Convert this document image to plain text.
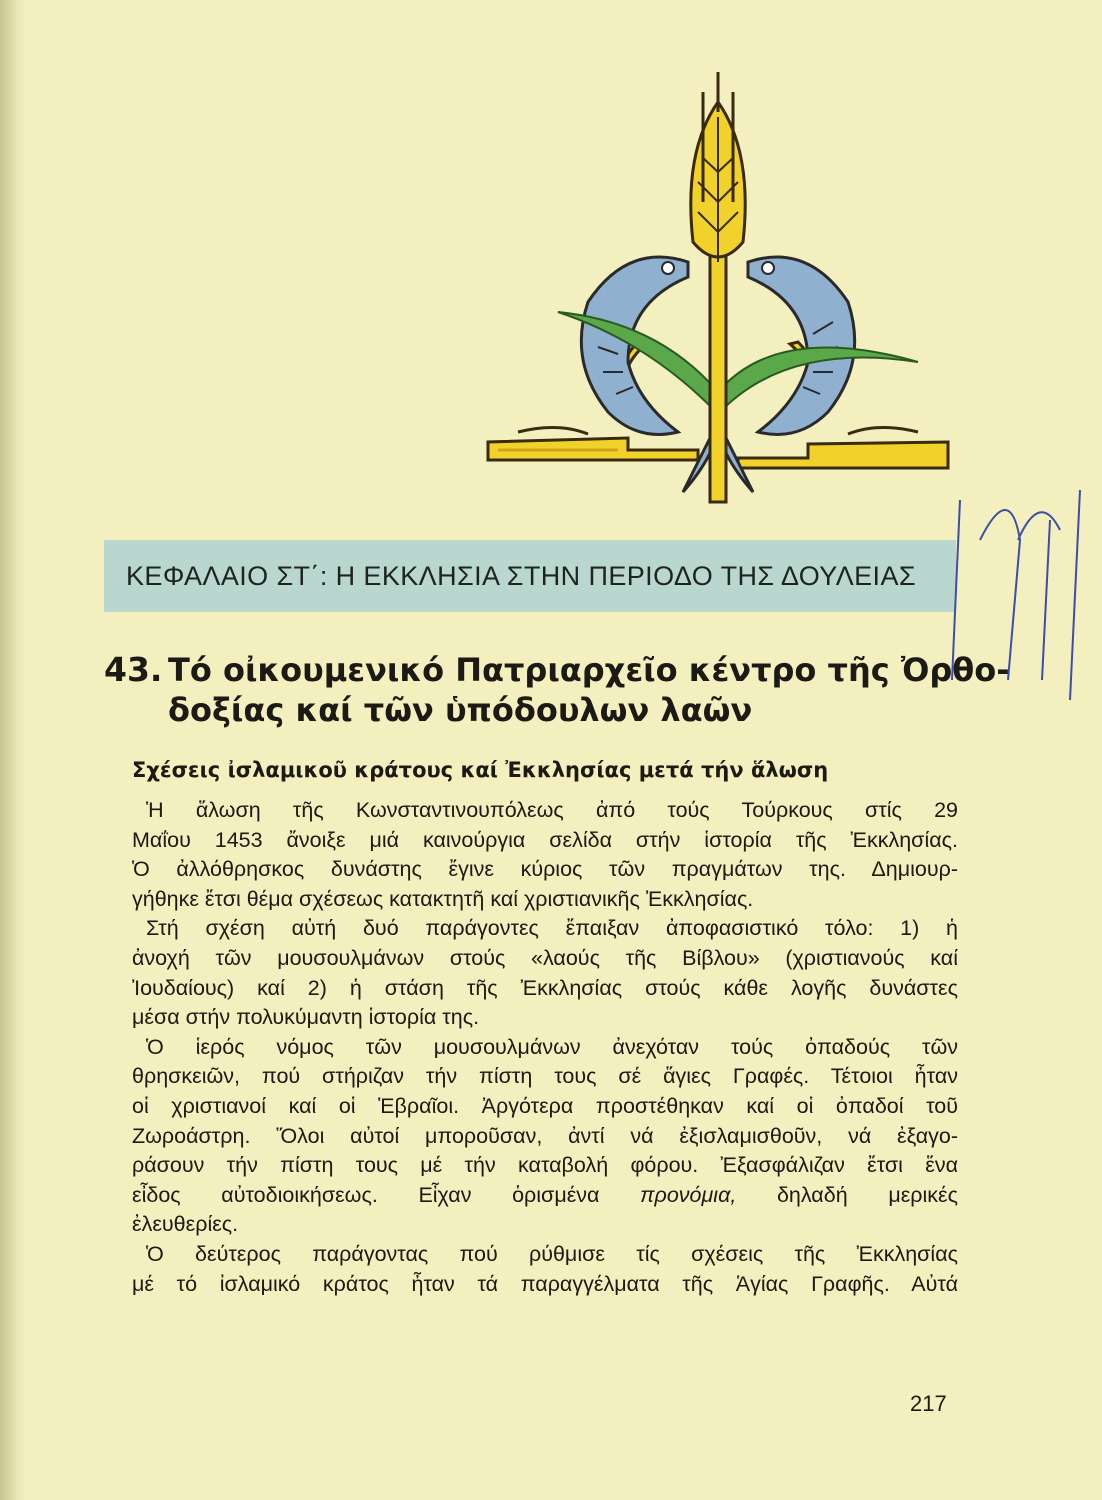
ΚΕΦΑΛΑΙΟ ΣΤ΄: Η ΕΚΚΛΗΣΙΑ ΣΤΗΝ ΠΕΡΙΟΔΟ ΤΗΣ ΔΟΥΛΕΙΑΣ
43. Τό οἰκουμενικό Πατριαρχεῖο κέντρο τῆς Ὀρθο-
δοξίας καί τῶν ὑπόδουλων λαῶν
Σχέσεις ἰσλαμικοῦ κράτους καί Ἐκκλησίας μετά τήν ἅλωση
Ἡ ἅλωση τῆς Κωνσταντινουπόλεως ἀπό τούς Τούρκους στίς 29
Μαΐου 1453 ἄνοιξε μιά καινούργια σελίδα στήν ἱστορία τῆς Ἐκκλησίας.
Ὁ ἀλλόθρησκος δυνάστης ἔγινε κύριος τῶν πραγμάτων της. Δημιουρ-
γήθηκε ἔτσι θέμα σχέσεως κατακτητῆ καί χριστιανικῆς Ἐκκλησίας.
Στή σχέση αὐτή δυό παράγοντες ἔπαιξαν ἀποφασιστικό τόλο: 1) ἡ
ἀνοχή τῶν μουσουλμάνων στούς «λαούς τῆς Βίβλου» (χριστιανούς καί
Ἰουδαίους) καί 2) ἡ στάση τῆς Ἐκκλησίας στούς κάθε λογῆς δυνάστες
μέσα στήν πολυκύμαντη ἱστορία της.
Ὁ ἱερός νόμος τῶν μουσουλμάνων ἀνεχόταν τούς ὀπαδούς τῶν
θρησκειῶν, πού στήριζαν τήν πίστη τους σέ ἅγιες Γραφές. Τέτοιοι ἦταν
οἱ χριστιανοί καί οἱ Ἑβραῖοι. Ἀργότερα προστέθηκαν καί οἱ ὀπαδοί τοῦ
Ζωροάστρη. Ὅλοι αὐτοί μποροῦσαν, ἀντί νά ἐξισλαμισθοῦν, νά ἐξαγο-
ράσουν τήν πίστη τους μέ τήν καταβολή φόρου. Ἐξασφάλιζαν ἔτσι ἕνα
εἶδος αὐτοδιοικήσεως. Εἶχαν ὁρισμένα προνόμια, δηλαδή μερικές
ἐλευθερίες.
Ὁ δεύτερος παράγοντας πού ρύθμισε τίς σχέσεις τῆς Ἐκκλησίας
μέ τό ἰσλαμικό κράτος ἦταν τά παραγγέλματα τῆς Ἁγίας Γραφῆς. Αὐτά
217
